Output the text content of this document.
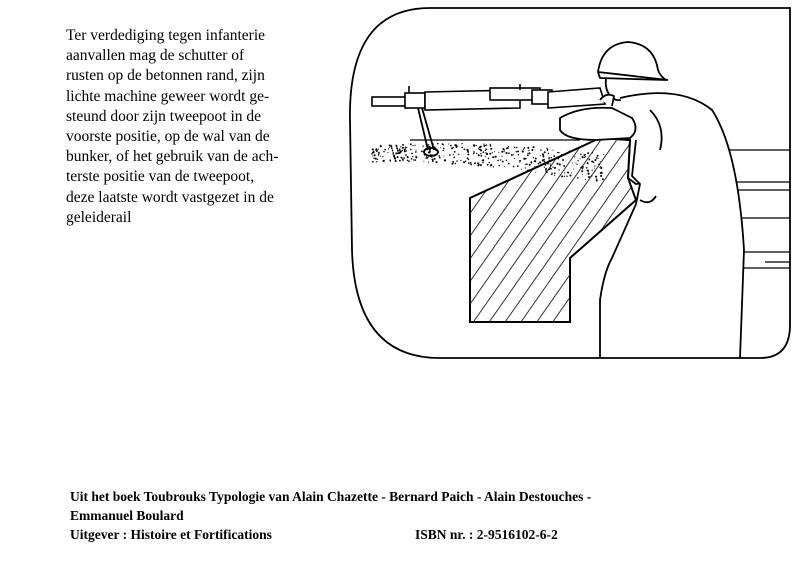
Ter verdediging tegen infanterie
aanvallen mag de schutter of
rusten op de betonnen rand, zijn
lichte machine geweer wordt ge-
steund door zijn tweepoot in de
voorste positie, op de wal van de
bunker, of het gebruik van de ach-
terste positie van de tweepoot,
deze laatste wordt vastgezet in de
geleiderail
Uit het boek Toubrouks Typologie van Alain Chazette - Bernard Paich - Alain Destouches -
Emmanuel Boulard
Uitgever : Histoire et Fortifications	ISBN nr. : 2-9516102-6-2
